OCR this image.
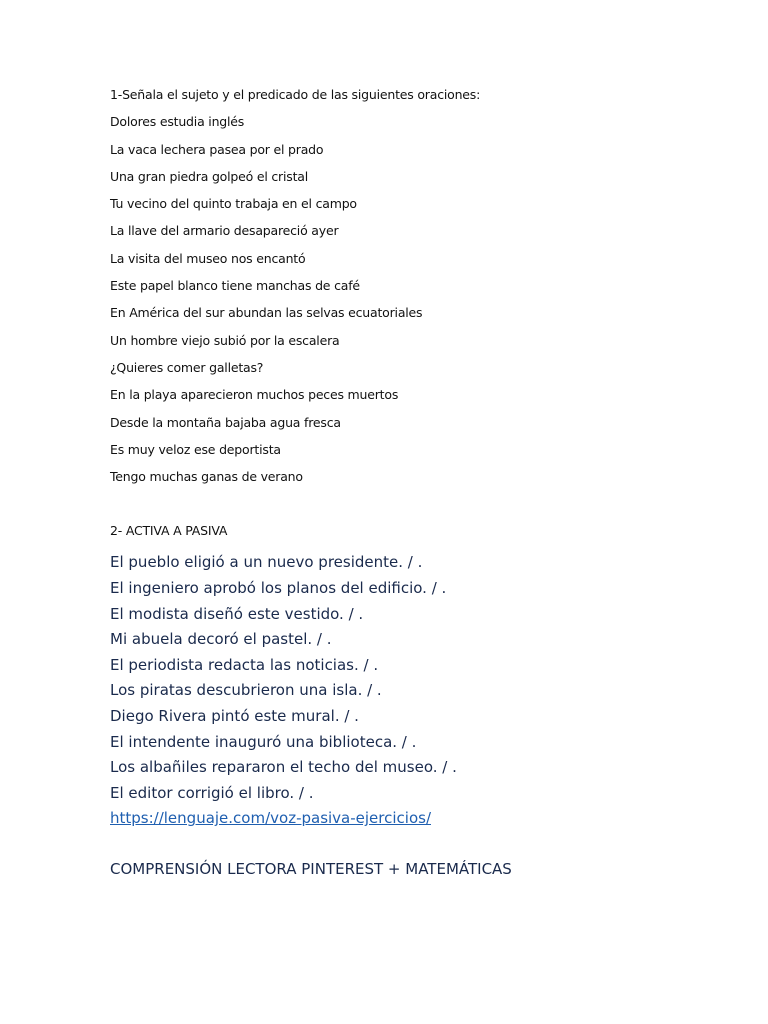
1-Señala el sujeto y el predicado de las siguientes oraciones:
Dolores estudia inglés
La vaca lechera pasea por el prado
Una gran piedra golpeó el cristal
Tu vecino del quinto trabaja en el campo
La llave del armario desapareció ayer
La visita del museo nos encantó
Este papel blanco tiene manchas de café
En América del sur abundan las selvas ecuatoriales
Un hombre viejo subió por la escalera
¿Quieres comer galletas?
En la playa aparecieron muchos peces muertos
Desde la montaña bajaba agua fresca
Es muy veloz ese deportista
Tengo muchas ganas de verano
2- ACTIVA A PASIVA
El pueblo eligió a un nuevo presidente. / .
El ingeniero aprobó los planos del edificio. / .
El modista diseñó este vestido. / .
Mi abuela decoró el pastel. / .
El periodista redacta las noticias. / .
Los piratas descubrieron una isla. / .
Diego Rivera pintó este mural. / .
El intendente inauguró una biblioteca. / .
Los albañiles repararon el techo del museo. / .
El editor corrigió el libro. / .
https://lenguaje.com/voz-pasiva-ejercicios/
COMPRENSIÓN LECTORA PINTEREST + MATEMÁTICAS
